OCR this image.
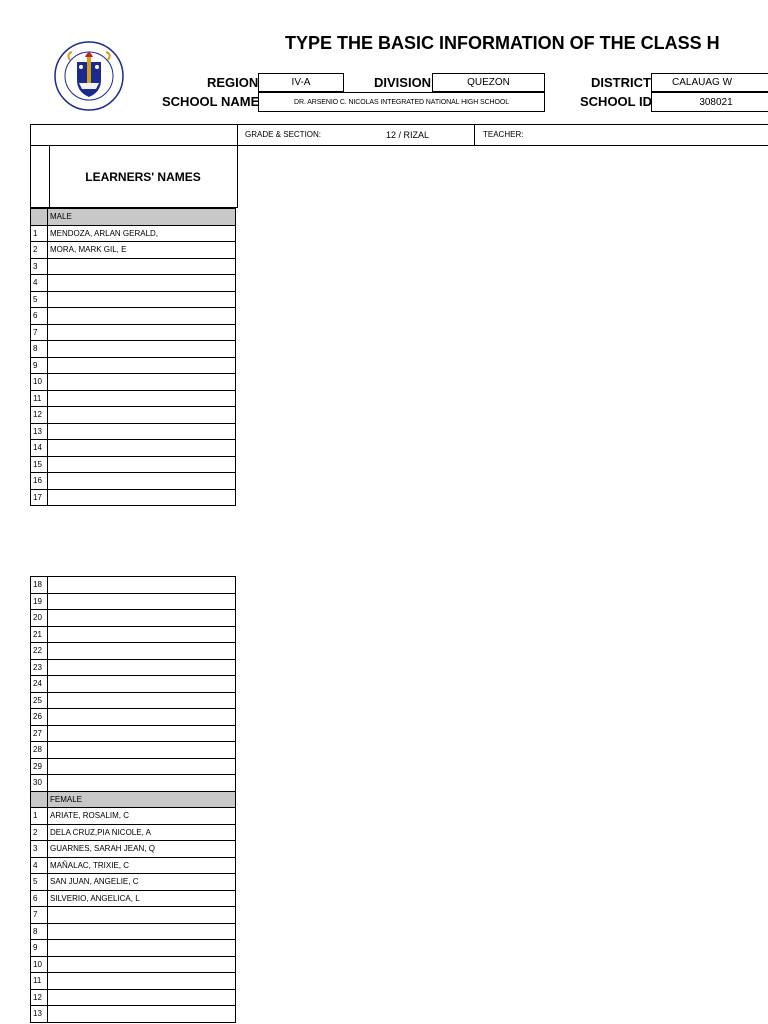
TYPE THE BASIC INFORMATION OF THE CLASS H
REGION	IV-A	DIVISION	QUEZON	DISTRICT	CALAUAG W
SCHOOL NAME	DR. ARSENIO C. NICOLAS INTEGRATED NATIONAL HIGH SCHOOL	SCHOOL ID	308021
GRADE & SECTION:	12 / RIZAL	TEACHER:
LEARNERS' NAMES
	MALE
1	MENDOZA, ARLAN GERALD,
2	MORA, MARK GIL, E
3	
4	
5	
6	
7	
8	
9	
10	
11	
12	
13	
14	
15	
16	
17	
18	
19	
20	
21	
22	
23	
24	
25	
26	
27	
28	
29	
30	
	FEMALE
1	ARIATE, ROSALIM, C
2	DELA CRUZ,PIA NICOLE, A
3	GUARNES, SARAH JEAN, Q
4	MAÑALAC, TRIXIE, C
5	SAN JUAN, ANGELIE, C
6	SILVERIO, ANGELICA, L
7	
8	
9	
10	
11	
12	
13	
